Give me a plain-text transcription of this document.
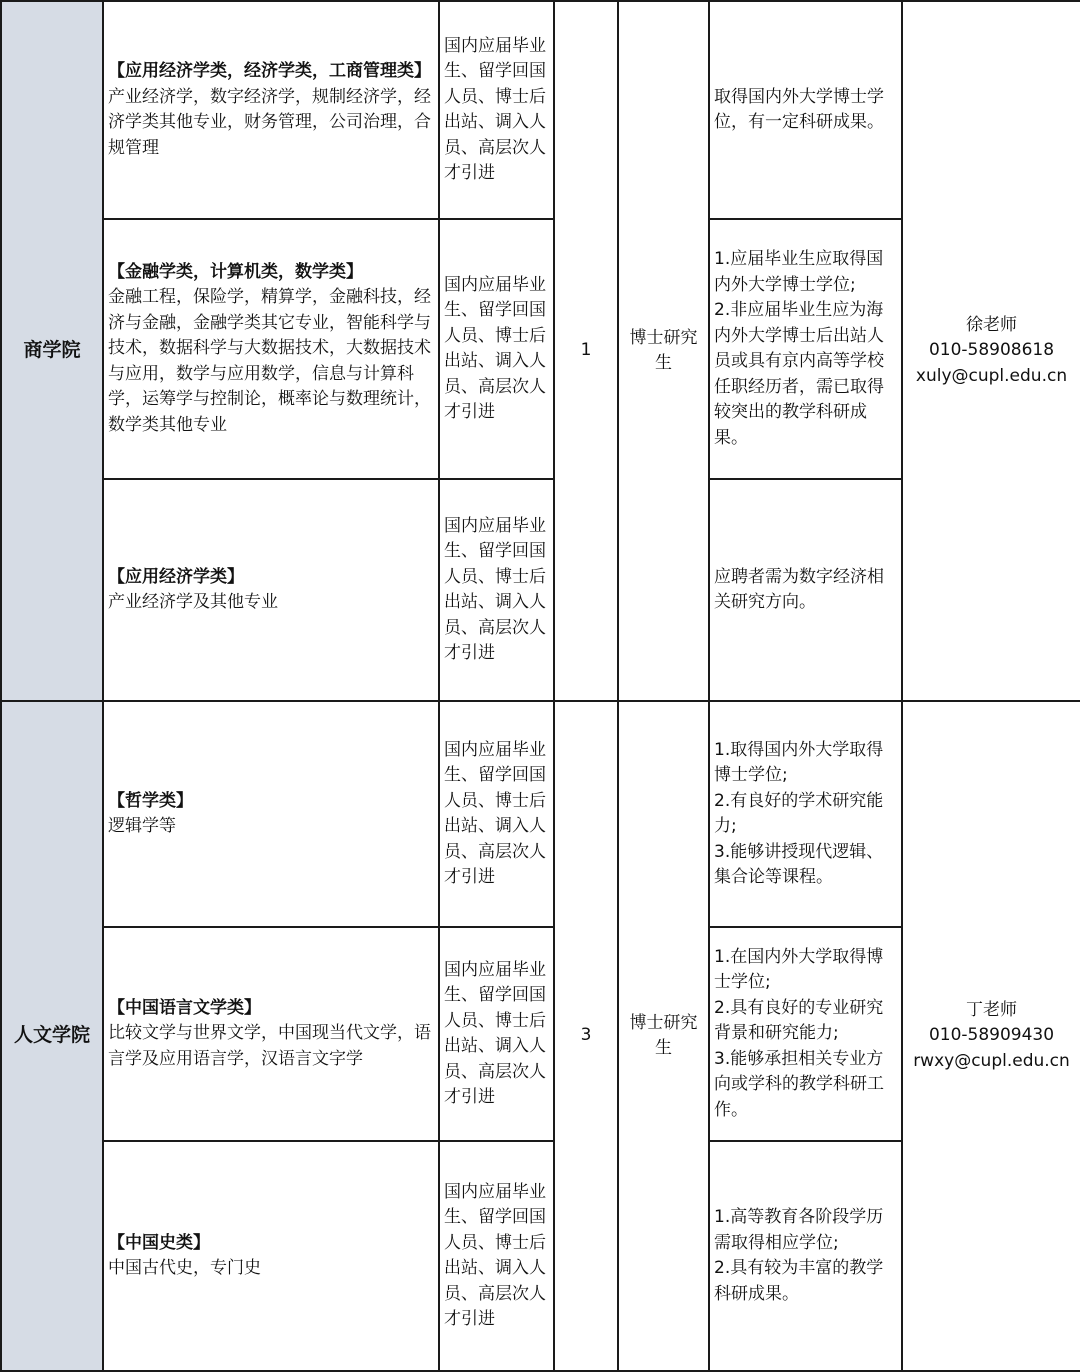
商学院	【应用经济学类，经济学类，工商管理类】
产业经济学，数字经济学，规制经济学，经济学类其他专业，财务管理，公司治理，合规管理	国内应届毕业生、留学回国人员、博士后出站、调入人员、高层次人才引进	1	博士研究生	取得国内外大学博士学位，有一定科研成果。	徐老师
010-58908618
xuly@cupl.edu.cn

	【金融学类，计算机类，数学类】
金融工程，保险学，精算学，金融科技，经济与金融，金融学类其它专业，智能科学与技术，数据科学与大数据技术，大数据技术与应用，数学与应用数学，信息与计算科学，运筹学与控制论，概率论与数理统计，数学类其他专业	国内应届毕业生、留学回国人员、博士后出站、调入人员、高层次人才引进			1.应届毕业生应取得国内外大学博士学位;
2.非应届毕业生应为海内外大学博士后出站人员或具有京内高等学校任职经历者，需已取得较突出的教学科研成果。	

	【应用经济学类】
产业经济学及其他专业	国内应届毕业生、留学回国人员、博士后出站、调入人员、高层次人才引进			应聘者需为数字经济相关研究方向。	

人文学院	【哲学类】
逻辑学等	国内应届毕业生、留学回国人员、博士后出站、调入人员、高层次人才引进	3	博士研究生	1.取得国内外大学取得博士学位;
2.有良好的学术研究能力;
3.能够讲授现代逻辑、集合论等课程。	丁老师
010-58909430
rwxy@cupl.edu.cn

	【中国语言文学类】
比较文学与世界文学，中国现当代文学，语言学及应用语言学，汉语言文字学	国内应届毕业生、留学回国人员、博士后出站、调入人员、高层次人才引进			1.在国内外大学取得博士学位;
2.具有良好的专业研究背景和研究能力;
3.能够承担相关专业方向或学科的教学科研工作。	

	【中国史类】
中国古代史，专门史	国内应届毕业生、留学回国人员、博士后出站、调入人员、高层次人才引进			1.高等教育各阶段学历需取得相应学位;
2.具有较为丰富的教学科研成果。	
